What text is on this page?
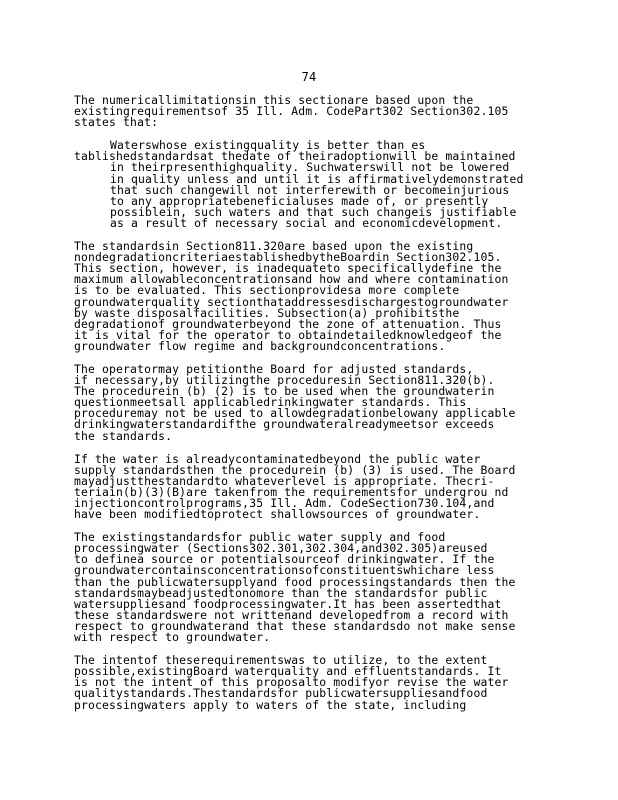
74
The numericallimitationsin this sectionare based upon the
existingrequirementsof 35 Ill. Adm. CodePart302 Section302.105
states that:
Waterswhose existingquality is better than es
tablishedstandardsat thedate of theiradoptionwill be maintained
in theirpresenthighquality. Suchwaterswill not be lowered
in quality unless and until it is affirmativelydemonstrated
that such changewill not interferewith or becomeinjurious
to any appropriatebeneficialuses made of, or presently
possiblein, such waters and that such changeis justifiable
as a result of necessary social and economicdevelopment.
The standardsin Section811.320are based upon the existing
nondegradationcriteriaestablishedbytheBoardin Section302.105.
This section, however, is inadequateto specificallydefine the
maximum allowableconcentrationsand how and where contamination
is to be evaluated. This sectionprovidesa more complete
groundwaterquality sectionthataddressesdischargestogroundwater
by waste disposalfacilities. Subsection(a) prohibitsthe
degradationof groundwaterbeyond the zone of attenuation. Thus
it is vital for the operator to obtaindetailedknowledgeof the
groundwater flow regime and backgroundconcentrations.
The operatormay petitionthe Board for adjusted standards,
if necessary,by utilizingthe proceduresin Section811.320(b).
The procedurein (b) (2) is to be used when the groundwaterin
questionmeetsall applicabledrinkingwater standards. This
proceduremay not be used to allowdegradationbelowany applicable
drinkingwaterstandardifthe groundwateralreadymeetsor exceeds
the standards.
If the water is alreadycontaminatedbeyond the public water
supply standardsthen the procedurein (b) (3) is used. The Board
mayadjustthestandardto whateverlevel is appropriate. Thecri-
teriain(b)(3)(B)are takenfrom the requirementsfor undergrou nd
injectioncontrolprograms,35 Ill. Adm. CodeSection730.104,and
have been modifiedtoprotect shallowsources of groundwater.
The existingstandardsfor public water supply and food
processingwater (Sections302.301,302.304,and302.305)areused
to definea source or potentialsourceof drinkingwater. If the
groundwatercontainsconcentrationsofconstituentswhichare less
than the publicwatersupplyand food processingstandards then the
standardsmaybeadjustedtonomore than the standardsfor public
watersuppliesand foodprocessingwater.It has been assertedthat
these standardswere not writtenand developedfrom a record with
respect to groundwaterand that these standardsdo not make sense
with respect to groundwater.
The intentof theserequirementswas to utilize, to the extent
possible,existingBoard waterquality and effluentstandards. It
is not the intent of this proposalto modifyor revise the water
qualitystandards.Thestandardsfor publicwatersuppliesandfood
processingwaters apply to waters of the state, including
